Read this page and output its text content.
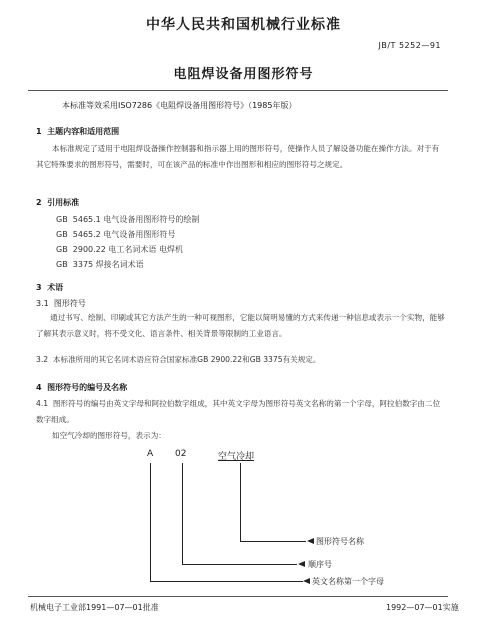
中华人民共和国机械行业标准
JB/T 5252—91
电阻焊设备用图形符号
本标准等效采用ISO7286《电阻焊设备用图形符号》（1985年版）
1 主题内容和适用范围
本标准规定了适用于电阻焊设备操作控制器和指示器上用的图形符号，使操作人员了解设备功能在操作方法。对于有其它特殊要求的图形符号，需要时，可在该产品的标准中作出图形和相应的图形符号之规定。
2 引用标准
GB 5465.1 电气设备用图形符号的绘制
GB 5465.2 电气设备用图形符号
GB 2900.22 电工名词术语 电焊机
GB 3375 焊接名词术语
3 术语
3.1 图形符号
通过书写、绘制、印刷或其它方法产生的一种可视图形，它能以简明易懂的方式来传递一种信息或表示一个实物，能够了解其表示意义时，将不受文化、语言条件、相关背景等限制的工业语言。
3.2 本标准所用的其它名词术语应符合国家标准GB 2900.22和GB 3375有关规定。
4 图形符号的编号及名称
4.1 图形符号的编号由英文字母和阿拉伯数字组成，其中英文字母为图形符号英文名称的第一个字母，阿拉伯数字由二位数字组成。
如空气冷却的图形符号，表示为：
A 02	空气冷却
图形符号名称
顺序号
英文名称第一个字母
机械电子工业部1991—07—01批准	1992—07—01实施
